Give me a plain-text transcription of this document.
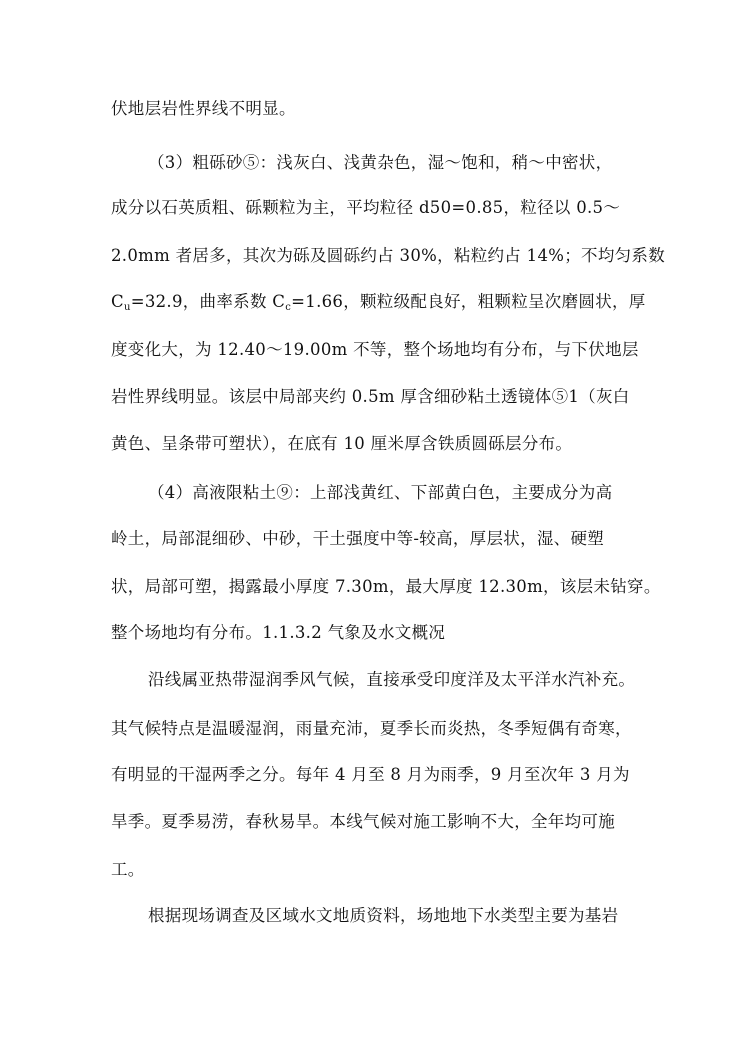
伏地层岩性界线不明显。
（3）粗砾砂⑤：浅灰白、浅黄杂色，湿～饱和，稍～中密状，
成分以石英质粗、砾颗粒为主，平均粒径 d50=0.85，粒径以 0.5～
2.0mm 者居多，其次为砾及圆砾约占 30%，粘粒约占 14%；不均匀系数
$C_u=32.9$，曲率系数 $C_c=1.66$，颗粒级配良好，粗颗粒呈次磨圆状，厚
度变化大，为 12.40～19.00m 不等，整个场地均有分布，与下伏地层
岩性界线明显。该层中局部夹约 0.5m 厚含细砂粘土透镜体⑤1（灰白
黄色、呈条带可塑状），在底有 10 厘米厚含铁质圆砾层分布。
（4）高液限粘土⑨：上部浅黄红、下部黄白色，主要成分为高
岭土，局部混细砂、中砂，干土强度中等-较高，厚层状，湿、硬塑
状，局部可塑，揭露最小厚度 7.30m，最大厚度 12.30m，该层未钻穿。
整个场地均有分布。1.1.3.2 气象及水文概况
沿线属亚热带湿润季风气候，直接承受印度洋及太平洋水汽补充。
其气候特点是温暖湿润，雨量充沛，夏季长而炎热，冬季短偶有奇寒，
有明显的干湿两季之分。每年 4 月至 8 月为雨季，9 月至次年 3 月为
旱季。夏季易涝，春秋易旱。本线气候对施工影响不大，全年均可施
工。
根据现场调查及区域水文地质资料，场地地下水类型主要为基岩
